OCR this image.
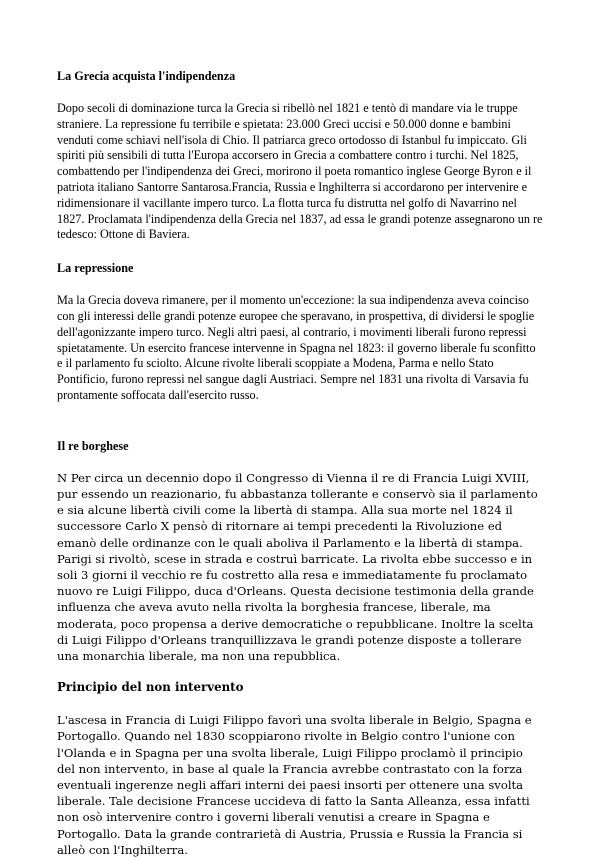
La Grecia acquista l'indipendenza

Dopo secoli di dominazione turca la Grecia si ribellò nel 1821 e tentò di mandare via le truppe straniere. La repressione fu terribile e spietata: 23.000 Greci uccisi e 50.000 donne e bambini venduti come schiavi nell'isola di Chio. Il patriarca greco ortodosso di Istanbul fu impiccato. Gli spiriti più sensibili di tutta l'Europa accorsero in Grecia a combattere contro i turchi. Nel 1825, combattendo per l'indipendenza dei Greci, morirono il poeta romantico inglese George Byron e il patriota italiano Santorre Santarosa.Francia, Russia e Inghilterra si accordarono per intervenire e ridimensionare il vacillante impero turco. La flotta turca fu distrutta nel golfo di Navarrino nel 1827. Proclamata l'indipendenza della Grecia nel 1837, ad essa le grandi potenze assegnarono un re tedesco: Ottone di Baviera.

La repressione

Ma la Grecia doveva rimanere, per il momento un'eccezione: la sua indipendenza aveva coinciso con gli interessi delle grandi potenze europee che speravano, in prospettiva, di dividersi le spoglie dell'agonizzante impero turco. Negli altri paesi, al contrario, i movimenti liberali furono repressi spietatamente. Un esercito francese intervenne in Spagna nel 1823: il governo liberale fu sconfitto e il parlamento fu sciolto. Alcune rivolte liberali scoppiate a Modena, Parma e nello Stato Pontificio, furono repressi nel sangue dagli Austriaci. Sempre nel 1831 una rivolta di Varsavia fu prontamente soffocata dall'esercito russo.

Il re borghese

N Per circa un decennio dopo il Congresso di Vienna il re di Francia Luigi XVIII, pur essendo un reazionario, fu abbastanza tollerante e conservò sia il parlamento e sia alcune libertà civili come la libertà di stampa. Alla sua morte nel 1824 il successore Carlo X pensò di ritornare ai tempi precedenti la Rivoluzione ed emanò delle ordinanze con le quali aboliva il Parlamento e la libertà di stampa. Parigi si rivoltò, scese in strada e costruì barricate. La rivolta ebbe successo e in soli 3 giorni il vecchio re fu costretto alla resa e immediatamente fu proclamato nuovo re Luigi Filippo, duca d'Orleans. Questa decisione testimonia della grande influenza che aveva avuto nella rivolta la borghesia francese, liberale, ma moderata, poco propensa a derive democratiche o repubblicane. Inoltre la scelta di Luigi Filippo d'Orleans tranquillizzava le grandi potenze disposte a tollerare una monarchia liberale, ma non una repubblica.

Principio del non intervento

L'ascesa in Francia di Luigi Filippo favorì una svolta liberale in Belgio, Spagna e Portogallo. Quando nel 1830 scoppiarono rivolte in Belgio contro l'unione con l'Olanda e in Spagna per una svolta liberale, Luigi Filippo proclamò il principio del non intervento, in base al quale la Francia avrebbe contrastato con la forza eventuali ingerenze negli affari interni dei paesi insorti per ottenere una svolta liberale. Tale decisione Francese uccideva di fatto la Santa Alleanza, essa infatti non osò intervenire contro i governi liberali venutisi a creare in Spagna e Portogallo. Data la grande contrarietà di Austria, Prussia e Russia la Francia si alleò con l'Inghilterra.
